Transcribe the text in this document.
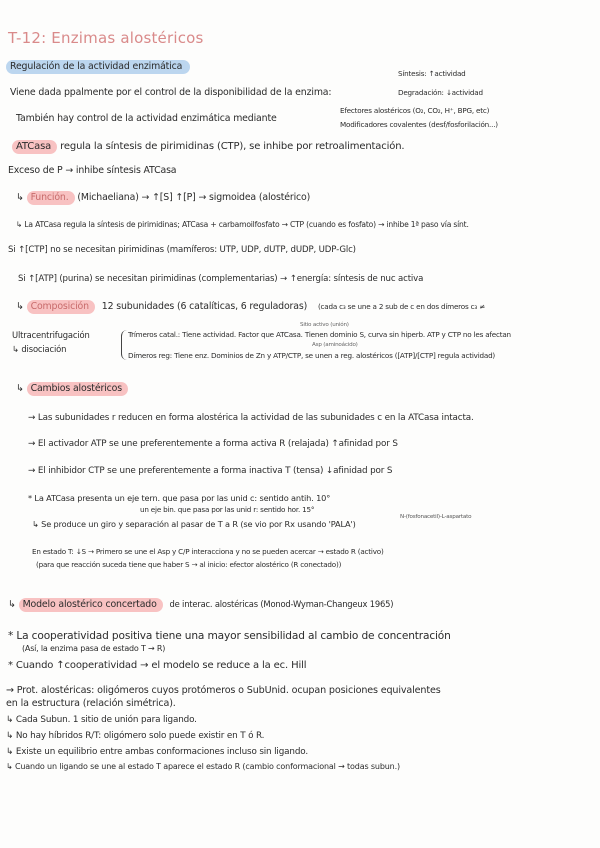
T-12: Enzimas alostéricos
Regulación de la actividad enzimática
Síntesis: ↑actividad
Viene dada ppalmente por el control de la disponibilidad de la enzima:	Degradación: ↓actividad
Efectores alostéricos (O₂, CO₂, H⁺, BPG, etc)
También hay control de la actividad enzimática mediante
Modificadores covalentes (desf/fosforilación...)
ATCasa regula la síntesis de pirimidinas (CTP), se inhibe por retroalimentación.
Exceso de P → inhibe síntesis ATCasa
↳ Función. (Michaeliana) → ↑[S] ↑[P] → sigmoidea (alostérico)
↳ La ATCasa regula la síntesis de pirimidinas; ATCasa + carbamoilfosfato → CTP (cuando es fosfato) → inhibe 1ª paso vía sínt.
Si ↑[CTP] no se necesitan pirimidinas (mamíferos: UTP, UDP, dUTP, dUDP, UDP-Glc)
Si ↑[ATP] (purina) se necesitan pirimidinas (complementarias) → ↑energía: síntesis de nuc activa
↳ Composición 12 subunidades (6 catalíticas, 6 reguladoras) (cada c₃ se une a 2 sub de c en dos dímeros c₃ ≠
Sitio activo (unión)
Ultracentrifugación	Trímeros catal.: Tiene actividad. Factor que ATCasa. Tienen dominio S, curva sin hiperb. ATP y CTP no les afectan
Asp (aminoácido)
↳ disociación
Dímeros reg: Tiene enz. Dominios de Zn y ATP/CTP, se unen a reg. alostéricos ([ATP]/[CTP] regula actividad)
↳ Cambios alostéricos
→ Las subunidades r reducen en forma alostérica la actividad de las subunidades c en la ATCasa intacta.
→ El activador ATP se une preferentemente a forma activa R (relajada) ↑afinidad por S
→ El inhibidor CTP se une preferentemente a forma inactiva T (tensa) ↓afinidad por S
* La ATCasa presenta un eje tern. que pasa por las unid c: sentido antih. 10°
un eje bin. que pasa por las unid r: sentido hor. 15°
N-(fosfonacetil)-L-aspartato
↳ Se produce un giro y separación al pasar de T a R (se vio por Rx usando 'PALA')
En estado T: ↓S → Primero se une el Asp y C/P interacciona y no se pueden acercar → estado R (activo)
(para que reacción suceda tiene que haber S → al inicio: efector alostérico (R conectado))
↳ Modelo alostérico concertado de interac. alostéricas (Monod-Wyman-Changeux 1965)
* La cooperatividad positiva tiene una mayor sensibilidad al cambio de concentración
(Así, la enzima pasa de estado T → R)
* Cuando ↑cooperatividad → el modelo se reduce a la ec. Hill
→ Prot. alostéricas: oligómeros cuyos protómeros o SubUnid. ocupan posiciones equivalentes
en la estructura (relación simétrica).
↳ Cada Subun. 1 sitio de unión para ligando.
↳ No hay híbridos R/T: oligómero solo puede existir en T ó R.
↳ Existe un equilibrio entre ambas conformaciones incluso sin ligando.
↳ Cuando un ligando se une al estado T aparece el estado R (cambio conformacional → todas subun.)
